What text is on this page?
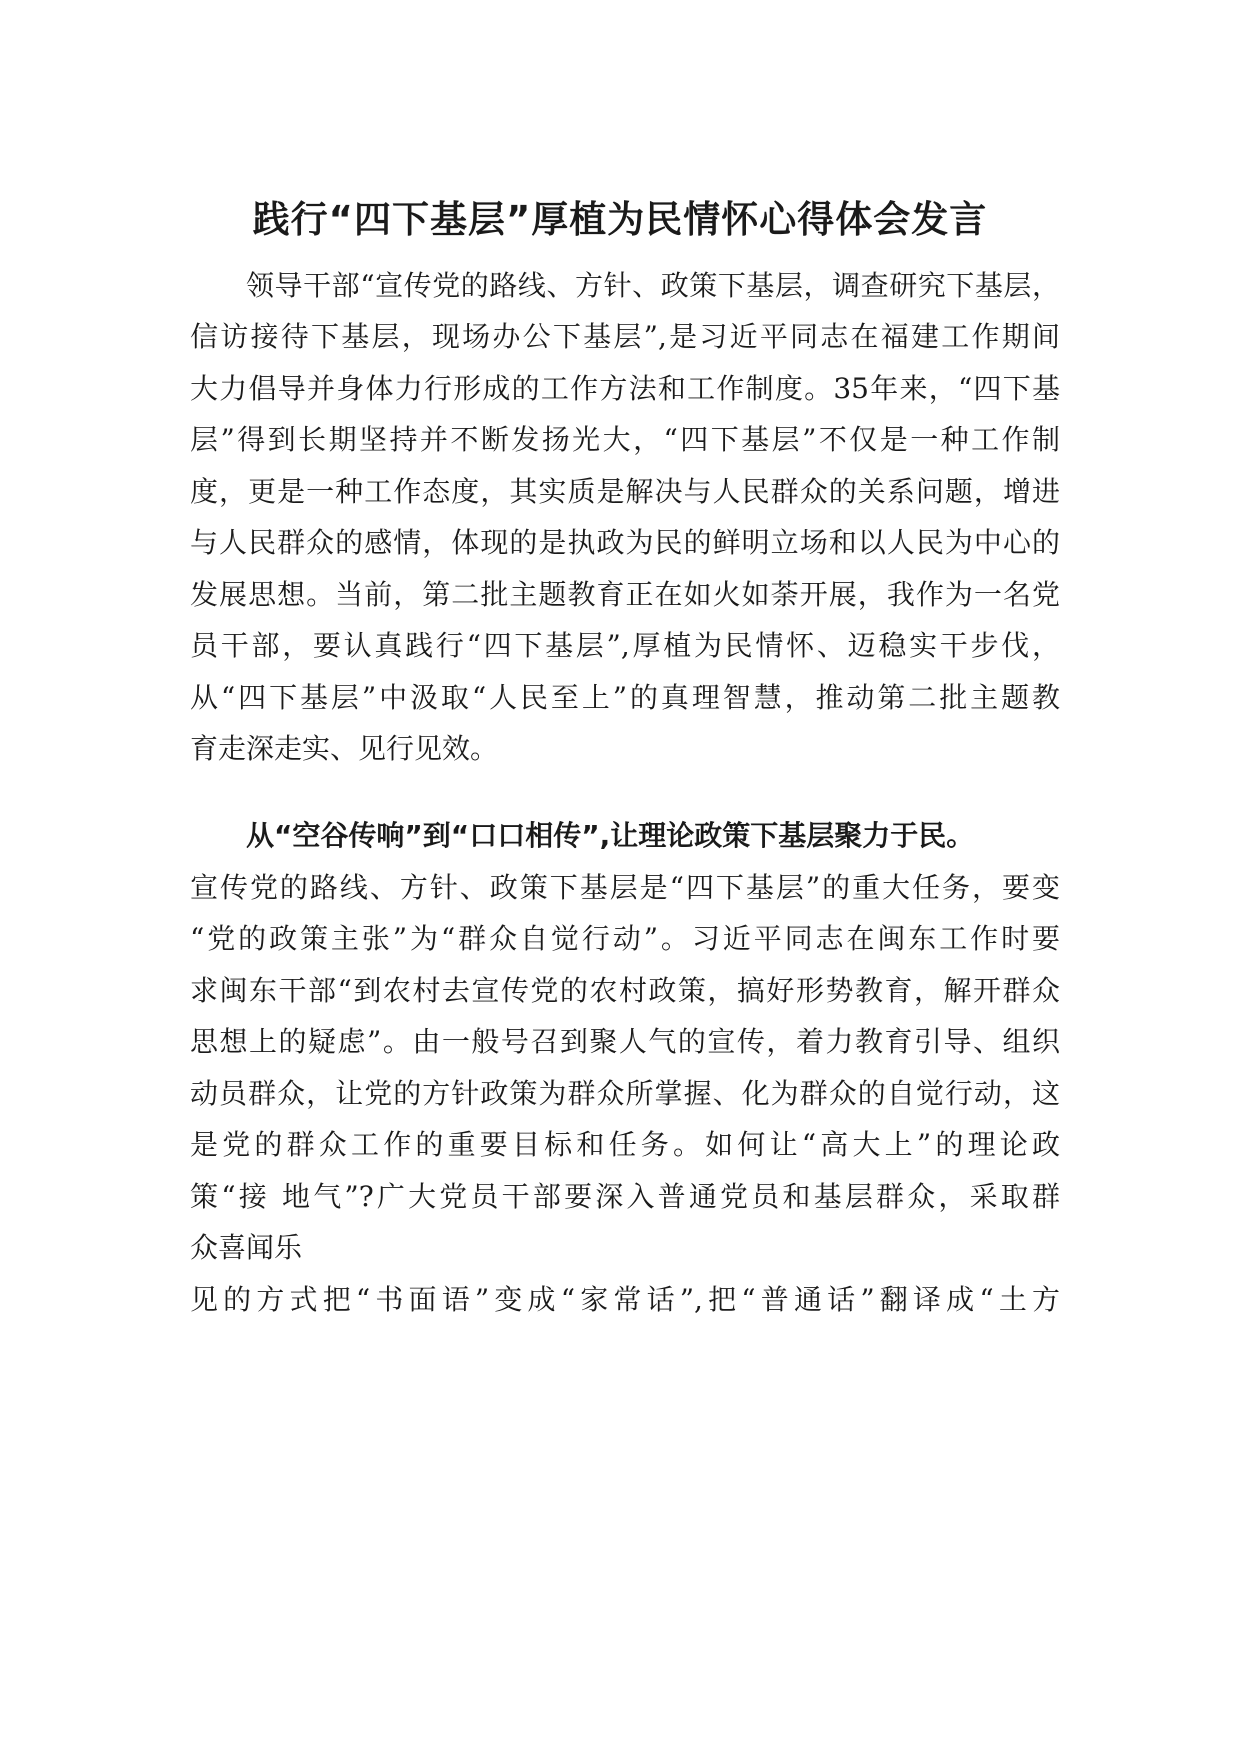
践行“四下基层”厚植为民情怀心得体会发言

领导干部“宣传党的路线、方针、政策下基层，调查研究下基层，

信访接待下基层，现场办公下基层”,是习近平同志在福建工作期间

大力倡导并身体力行形成的工作方法和工作制度。35年来，“四下基

层”得到长期坚持并不断发扬光大，“四下基层”不仅是一种工作制

度，更是一种工作态度，其实质是解决与人民群众的关系问题，增进

与人民群众的感情，体现的是执政为民的鲜明立场和以人民为中心的

发展思想。当前，第二批主题教育正在如火如荼开展，我作为一名党

员干部，要认真践行“四下基层”,厚植为民情怀、迈稳实干步伐，

从“四下基层”中汲取“人民至上”的真理智慧，推动第二批主题教

育走深走实、见行见效。

从“空谷传响”到“口口相传”,让理论政策下基层聚力于民。

宣传党的路线、方针、政策下基层是“四下基层”的重大任务，要变

“党的政策主张”为“群众自觉行动”。习近平同志在闽东工作时要

求闽东干部“到农村去宣传党的农村政策，搞好形势教育，解开群众

思想上的疑虑”。由一般号召到聚人气的宣传，着力教育引导、组织

动员群众，让党的方针政策为群众所掌握、化为群众的自觉行动，这

是党的群众工作的重要目标和任务。如何让“高大上”的理论政

策“接 地气”?广大党员干部要深入普通党员和基层群众，采取群

众喜闻乐

见的方式把“书面语”变成“家常话”,把“普通话”翻译成“土方
